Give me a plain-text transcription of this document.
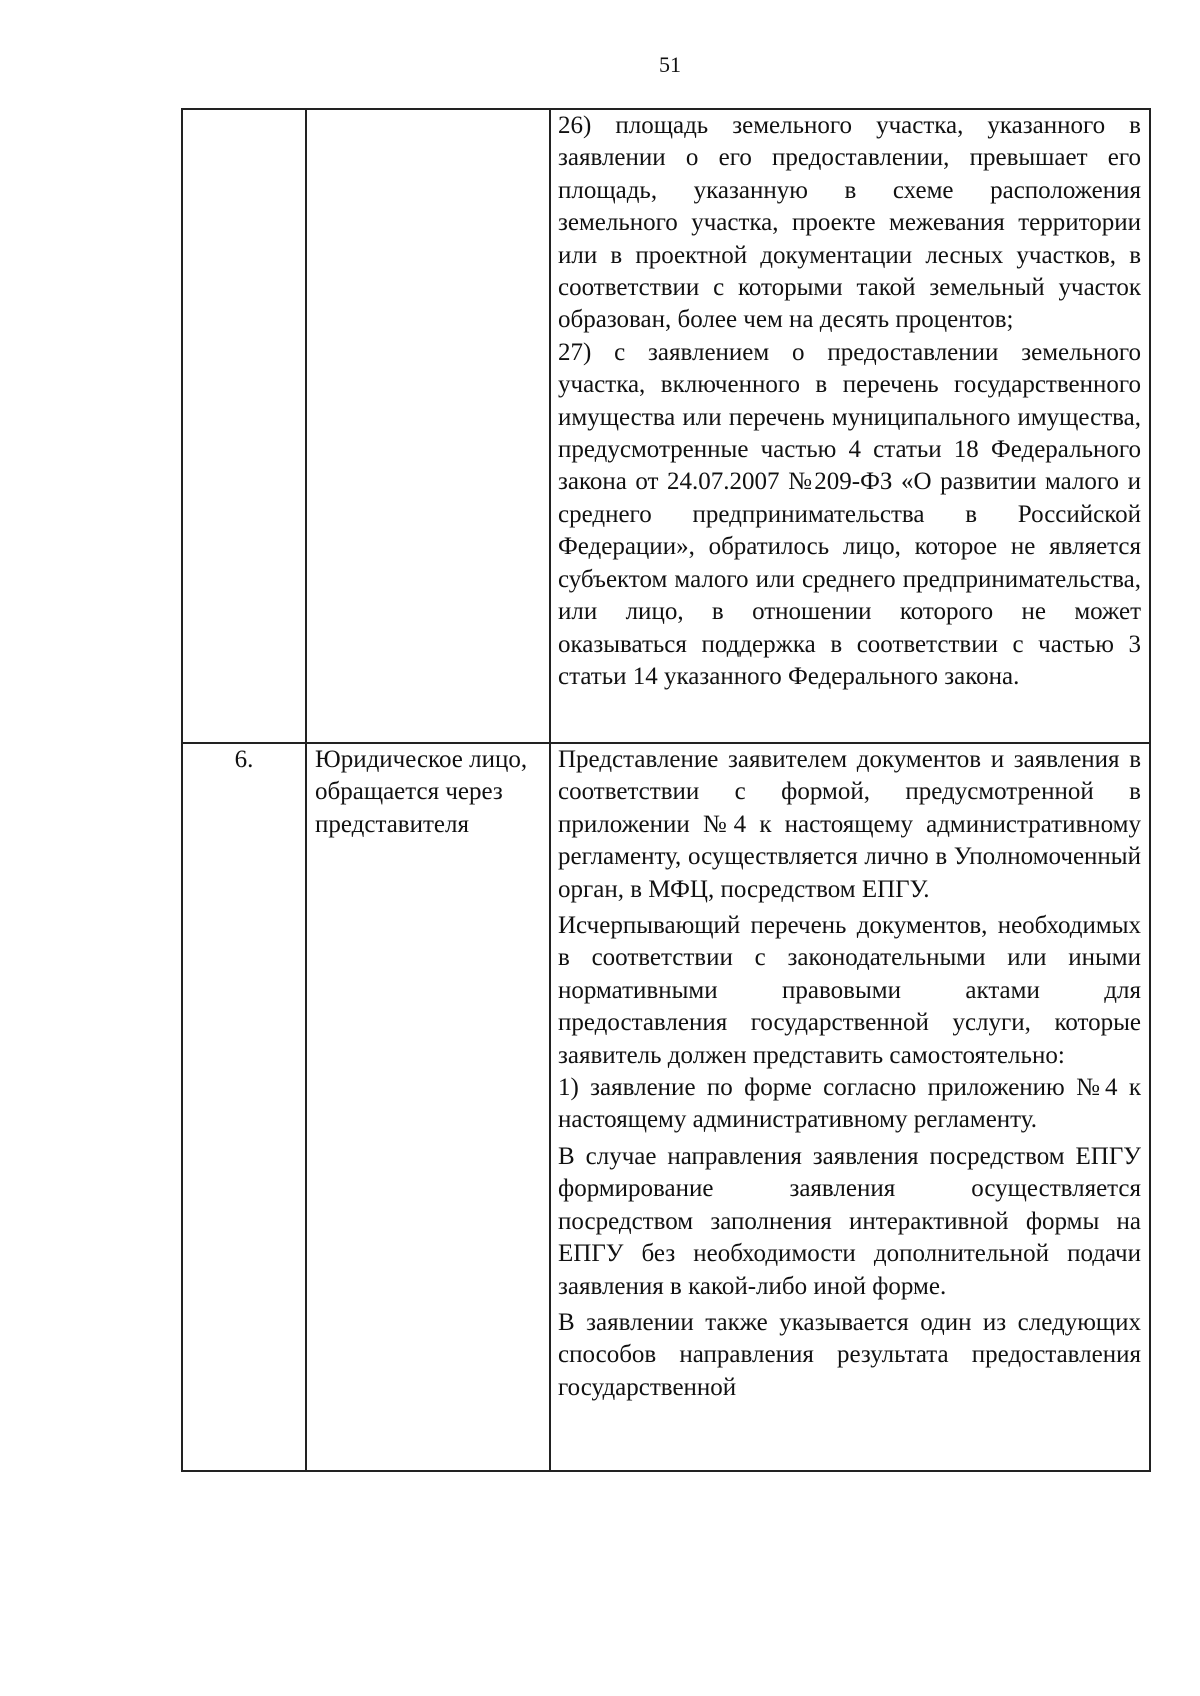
51

		26) площадь земельного участка, указанного в заявлении о его предоставлении, превышает его площадь, указанную в схеме расположения земельного участка, проекте межевания территории или в проектной документации лесных участков, в соответствии с которыми такой земельный участок образован, более чем на десять процентов;

27) с заявлением о предоставлении земельного участка, включенного в перечень государственного имущества или перечень муниципального имущества, предусмотренные частью 4 статьи 18 Федерального закона от 24.07.2007 №209-ФЗ «О развитии малого и среднего предпринимательства в Российской Федерации», обратилось лицо, которое не является субъектом малого или среднего предпринимательства, или лицо, в отношении которого не может оказываться поддержка в соответствии с частью 3 статьи 14 указанного Федерального закона.

6.	Юридическое лицо, обращается через представителя	Представление заявителем документов и заявления в соответствии с формой, предусмотренной в приложении №4 к настоящему административному регламенту, осуществляется лично в Уполномоченный орган, в МФЦ, посредством ЕПГУ.

Исчерпывающий перечень документов, необходимых в соответствии с законодательными или иными нормативными правовыми актами для предоставления государственной услуги, которые заявитель должен представить самостоятельно:

1) заявление по форме согласно приложению №4 к настоящему административному регламенту.

В случае направления заявления посредством ЕПГУ формирование заявления осуществляется посредством заполнения интерактивной формы на ЕПГУ без необходимости дополнительной подачи заявления в какой-либо иной форме.

В заявлении также указывается один из следующих способов направления результата предоставления государственной
